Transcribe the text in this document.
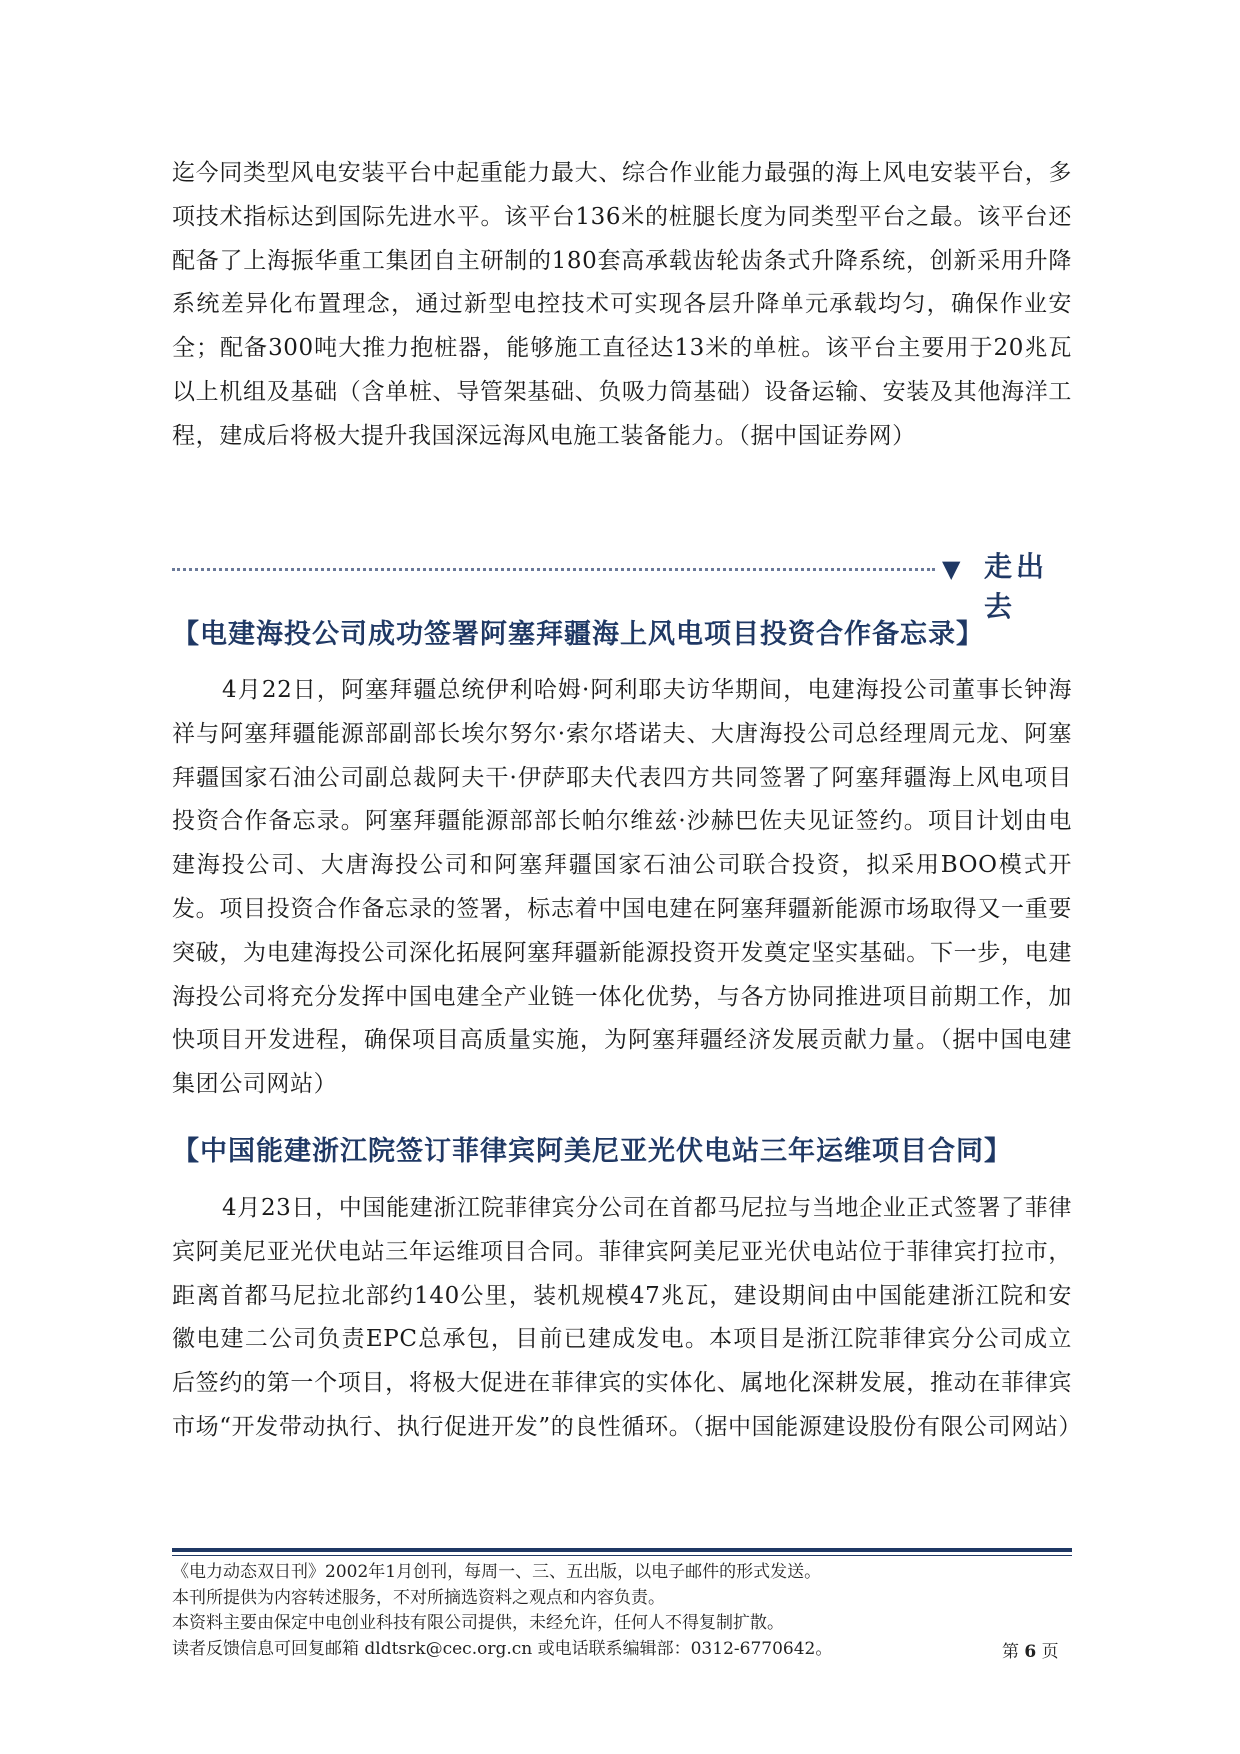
迄今同类型风电安装平台中起重能力最大、综合作业能力最强的海上风电安装平台，多项技术指标达到国际先进水平。该平台136米的桩腿长度为同类型平台之最。该平台还配备了上海振华重工集团自主研制的180套高承载齿轮齿条式升降系统，创新采用升降系统差异化布置理念，通过新型电控技术可实现各层升降单元承载均匀，确保作业安全；配备300吨大推力抱桩器，能够施工直径达13米的单桩。该平台主要用于20兆瓦以上机组及基础（含单桩、导管架基础、负吸力筒基础）设备运输、安装及其他海洋工程，建成后将极大提升我国深远海风电施工装备能力。（据中国证券网）

▼ 走出去
【电建海投公司成功签署阿塞拜疆海上风电项目投资合作备忘录】

4月22日，阿塞拜疆总统伊利哈姆·阿利耶夫访华期间，电建海投公司董事长钟海祥与阿塞拜疆能源部副部长埃尔努尔·索尔塔诺夫、大唐海投公司总经理周元龙、阿塞拜疆国家石油公司副总裁阿夫干·伊萨耶夫代表四方共同签署了阿塞拜疆海上风电项目投资合作备忘录。阿塞拜疆能源部部长帕尔维兹·沙赫巴佐夫见证签约。项目计划由电建海投公司、大唐海投公司和阿塞拜疆国家石油公司联合投资，拟采用BOO模式开发。项目投资合作备忘录的签署，标志着中国电建在阿塞拜疆新能源市场取得又一重要突破，为电建海投公司深化拓展阿塞拜疆新能源投资开发奠定坚实基础。下一步，电建海投公司将充分发挥中国电建全产业链一体化优势，与各方协同推进项目前期工作，加快项目开发进程，确保项目高质量实施，为阿塞拜疆经济发展贡献力量。（据中国电建集团公司网站）

【中国能建浙江院签订菲律宾阿美尼亚光伏电站三年运维项目合同】

4月23日，中国能建浙江院菲律宾分公司在首都马尼拉与当地企业正式签署了菲律宾阿美尼亚光伏电站三年运维项目合同。菲律宾阿美尼亚光伏电站位于菲律宾打拉市，距离首都马尼拉北部约140公里，装机规模47兆瓦，建设期间由中国能建浙江院和安徽电建二公司负责EPC总承包，目前已建成发电。本项目是浙江院菲律宾分公司成立后签约的第一个项目，将极大促进在菲律宾的实体化、属地化深耕发展，推动在菲律宾市场“开发带动执行、执行促进开发”的良性循环。（据中国能源建设股份有限公司网站）

《电力动态双日刊》2002年1月创刊，每周一、三、五出版，以电子邮件的形式发送。
本刊所提供为内容转述服务，不对所摘选资料之观点和内容负责。
本资料主要由保定中电创业科技有限公司提供，未经允许，任何人不得复制扩散。
读者反馈信息可回复邮箱 dldtsrk@cec.org.cn 或电话联系编辑部：0312-6770642。	第 6 页
